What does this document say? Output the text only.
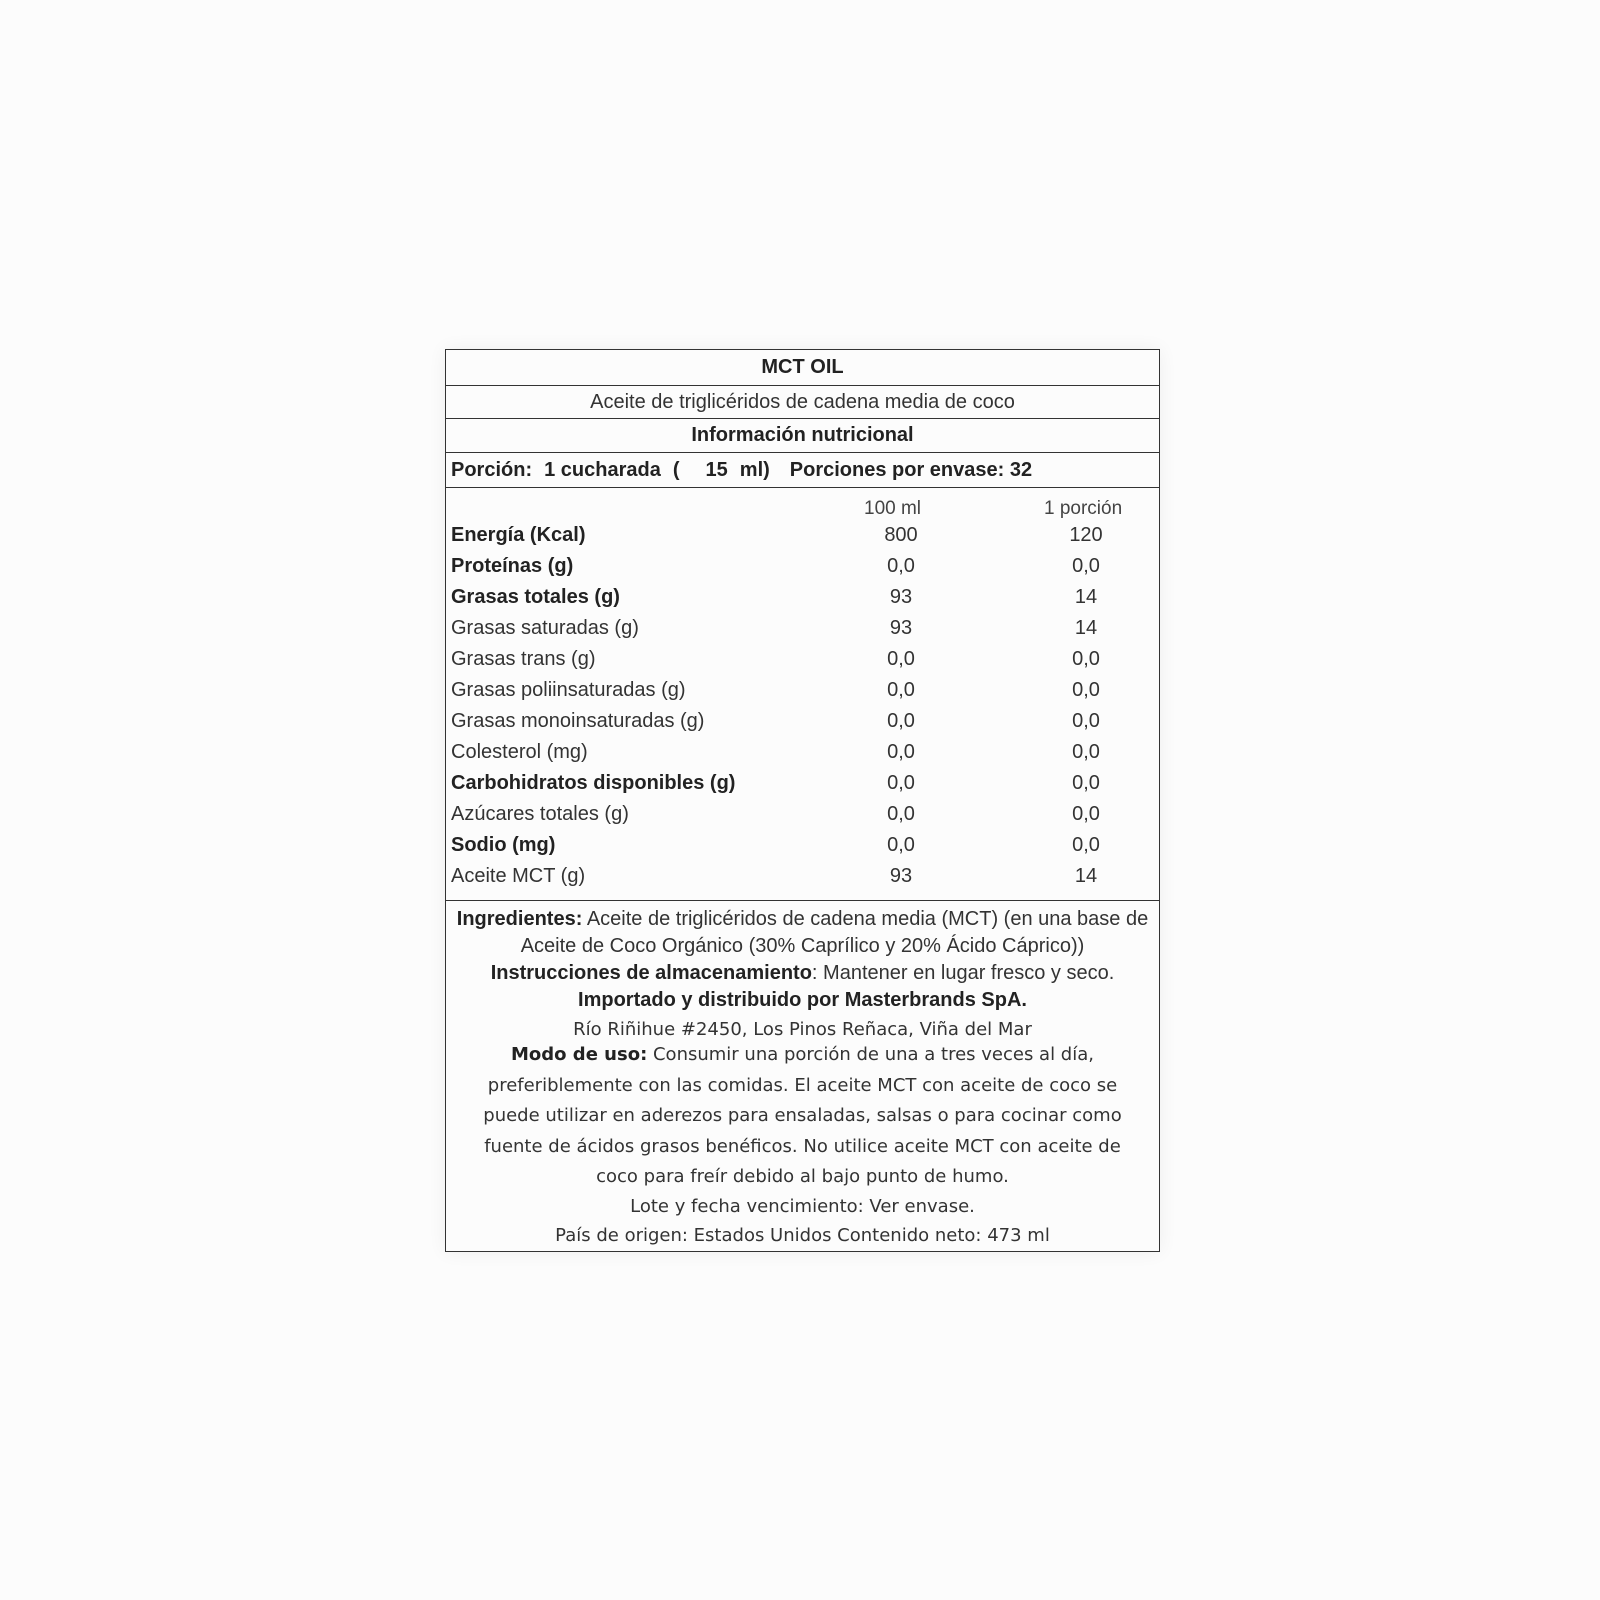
MCT OIL
Aceite de triglicéridos de cadena media de coco
Información nutricional
Porción: 1 cucharada ( 15 ml) Porciones por envase: 32
100 ml	1 porción
Energía (Kcal)	800	120
Proteínas (g)	0,0	0,0
Grasas totales (g)	93	14
Grasas saturadas (g)	93	14
Grasas trans (g)	0,0	0,0
Grasas poliinsaturadas (g)	0,0	0,0
Grasas monoinsaturadas (g)	0,0	0,0
Colesterol (mg)	0,0	0,0
Carbohidratos disponibles (g)	0,0	0,0
Azúcares totales (g)	0,0	0,0
Sodio (mg)	0,0	0,0
Aceite MCT (g)	93	14
Ingredientes: Aceite de triglicéridos de cadena media (MCT) (en una base de Aceite de Coco Orgánico (30% Caprílico y 20% Ácido Cáprico))
Instrucciones de almacenamiento: Mantener en lugar fresco y seco.
Importado y distribuido por Masterbrands SpA.
Río Riñihue #2450, Los Pinos Reñaca, Viña del Mar
Modo de uso: Consumir una porción de una a tres veces al día, preferiblemente con las comidas. El aceite MCT con aceite de coco se puede utilizar en aderezos para ensaladas, salsas o para cocinar como fuente de ácidos grasos benéficos. No utilice aceite MCT con aceite de coco para freír debido al bajo punto de humo.
Lote y fecha vencimiento: Ver envase.
País de origen: Estados Unidos Contenido neto: 473 ml
